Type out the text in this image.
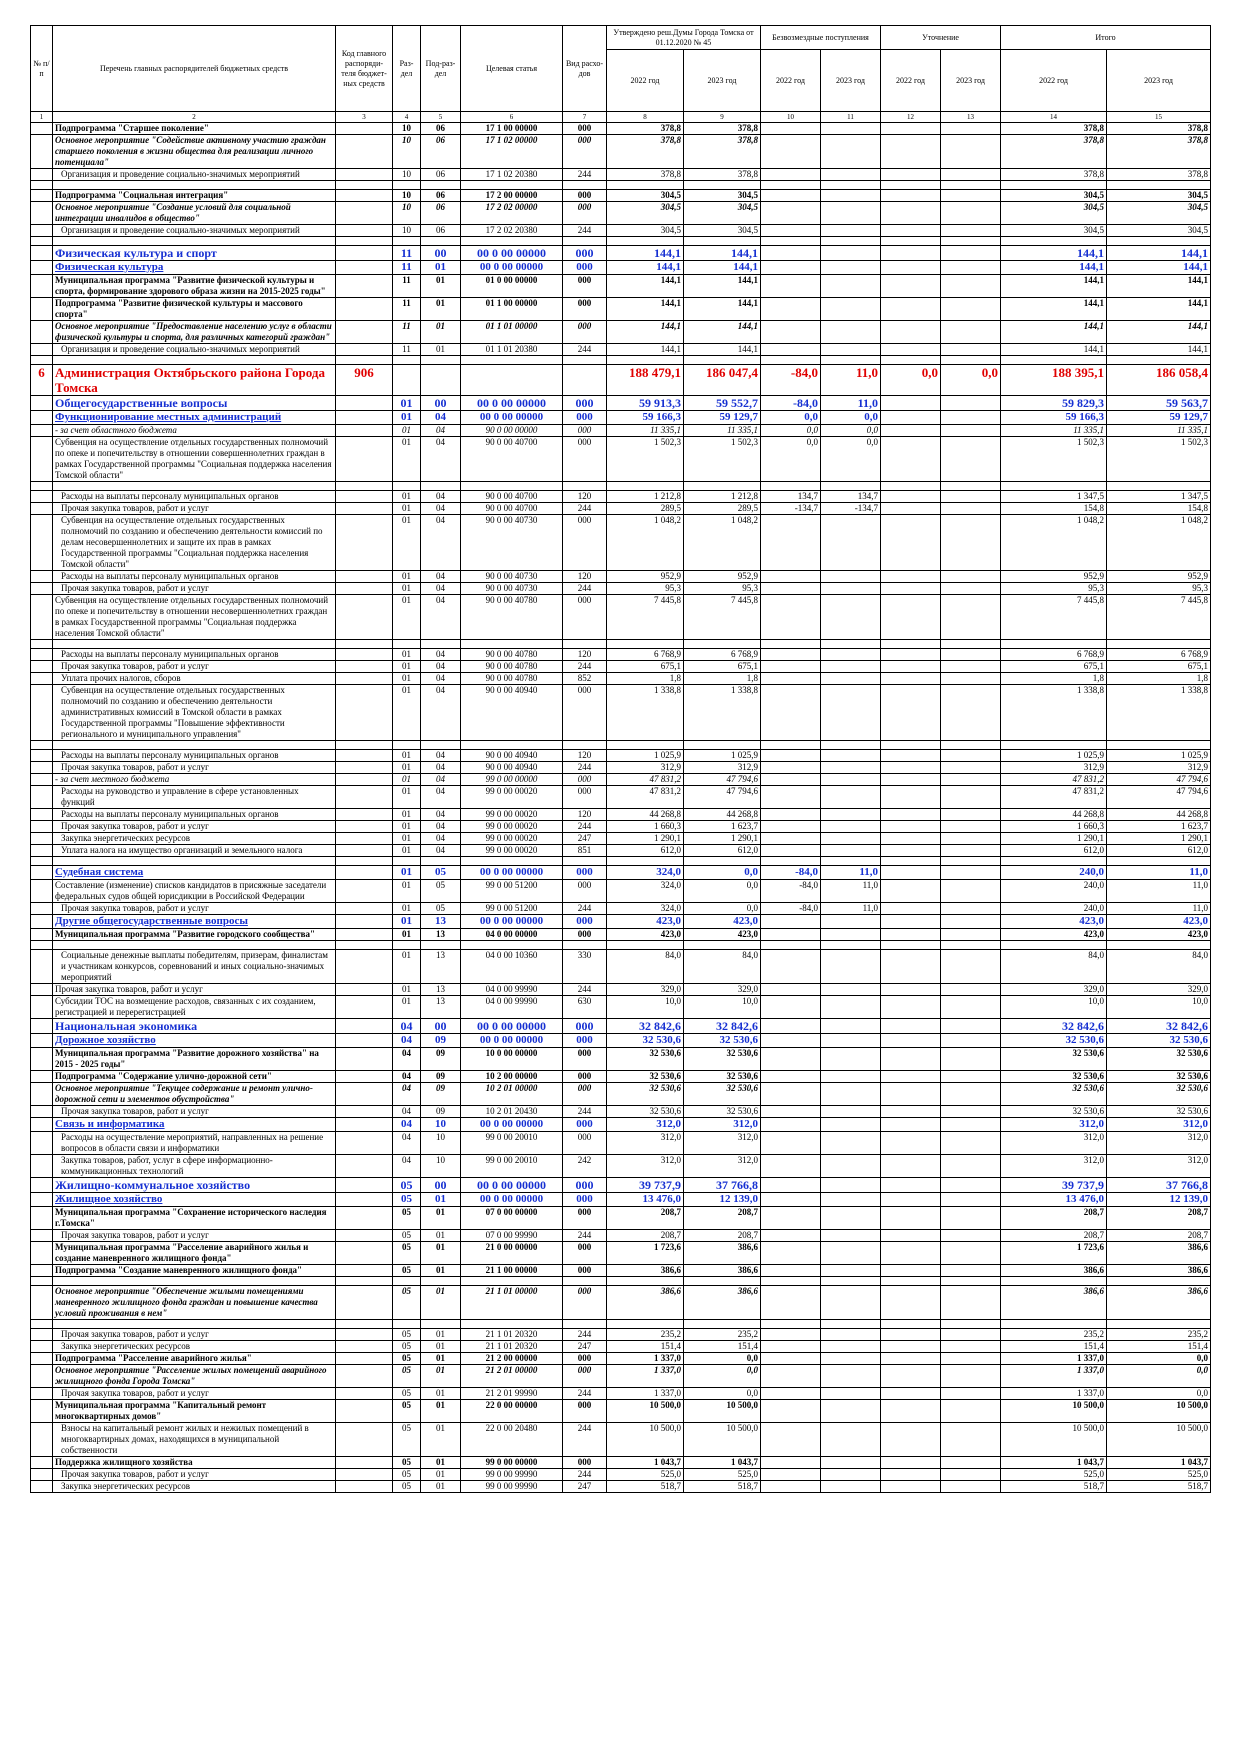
№ п/п	Перечень главных распорядителей бюджетных средств	Код главного распоряди-теля бюджет-ных средств	Раз-дел	Под-раз-дел	Целевая статья	Вид расхо-дов	Утверждено реш.Думы Города Томска от 01.12.2020 № 45		Безвозмездные поступления		Уточнение		Итого	
							2022 год	2023 год	2022 год	2023 год	2022 год	2023 год	2022 год	2023 год
1	2	3	4	5	6	7	8	9	10	11	12	13	14	15
	Подпрограмма "Старшее поколение"		10	06	17 1 00 00000	000	378,8	378,8					378,8	378,8
	Основное мероприятие "Содействие активному участию граждан старшего поколения в жизни общества для реализации личного потенциала"		10	06	17 1 02 00000	000	378,8	378,8					378,8	378,8
	Организация и проведение социально-значимых мероприятий		10	06	17 1 02 20380	244	378,8	378,8					378,8	378,8

	Подпрограмма "Социальная интеграция"		10	06	17 2 00 00000	000	304,5	304,5					304,5	304,5
	Основное мероприятие "Создание условий для социальной интеграции инвалидов в общество"		10	06	17 2 02 00000	000	304,5	304,5					304,5	304,5
	Организация и проведение социально-значимых мероприятий		10	06	17 2 02 20380	244	304,5	304,5					304,5	304,5

	Физическая культура и спорт		11	00	00 0 00 00000	000	144,1	144,1					144,1	144,1
	Физическая культура		11	01	00 0 00 00000	000	144,1	144,1					144,1	144,1
	Муниципальная программа "Развитие физической культуры и спорта, формирование здорового образа жизни на 2015-2025 годы"		11	01	01 0 00 00000	000	144,1	144,1					144,1	144,1
	Подпрограмма "Развитие физической культуры и массового спорта"		11	01	01 1 00 00000	000	144,1	144,1					144,1	144,1
	Основное мероприятие "Предоставление населению услуг в области физической культуры и спорта, для различных категорий граждан"		11	01	01 1 01 00000	000	144,1	144,1					144,1	144,1
	Организация и проведение социально-значимых мероприятий		11	01	01 1 01 20380	244	144,1	144,1					144,1	144,1

6	Администрация Октябрьского района Города Томска	906					188 479,1	186 047,4	-84,0	11,0	0,0	0,0	188 395,1	186 058,4
	Общегосударственные вопросы		01	00	00 0 00 00000	000	59 913,3	59 552,7	-84,0	11,0			59 829,3	59 563,7
	Функционирование местных администраций		01	04	00 0 00 00000	000	59 166,3	59 129,7	0,0	0,0			59 166,3	59 129,7
	- за счет областного бюджета		01	04	90 0 00 00000	000	11 335,1	11 335,1	0,0	0,0			11 335,1	11 335,1
	Субвенция на осуществление отдельных государственных полномочий по опеке и попечительству в отношении совершеннолетних граждан в рамках Государственной программы "Социальная поддержка населения Томской области"		01	04	90 0 00 40700	000	1 502,3	1 502,3	0,0	0,0			1 502,3	1 502,3

	Расходы на выплаты персоналу муниципальных органов		01	04	90 0 00 40700	120	1 212,8	1 212,8	134,7	134,7			1 347,5	1 347,5
	Прочая закупка товаров, работ и услуг		01	04	90 0 00 40700	244	289,5	289,5	-134,7	-134,7			154,8	154,8
	Субвенция на осуществление отдельных государственных полномочий по созданию и обеспечению деятельности комиссий по делам несовершеннолетних и защите их прав в рамках Государственной программы "Социальная поддержка населения Томской области"		01	04	90 0 00 40730	000	1 048,2	1 048,2					1 048,2	1 048,2
	Расходы на выплаты персоналу муниципальных органов		01	04	90 0 00 40730	120	952,9	952,9					952,9	952,9
	Прочая закупка товаров, работ и услуг		01	04	90 0 00 40730	244	95,3	95,3					95,3	95,3
	Субвенция на осуществление отдельных государственных полномочий по опеке и попечительству в отношении несовершеннолетних граждан в рамках Государственной программы "Социальная поддержка населения Томской области"		01	04	90 0 00 40780	000	7 445,8	7 445,8					7 445,8	7 445,8

	Расходы на выплаты персоналу муниципальных органов		01	04	90 0 00 40780	120	6 768,9	6 768,9					6 768,9	6 768,9
	Прочая закупка товаров, работ и услуг		01	04	90 0 00 40780	244	675,1	675,1					675,1	675,1
	Уплата прочих налогов, сборов		01	04	90 0 00 40780	852	1,8	1,8					1,8	1,8
	Субвенция на осуществление отдельных государственных полномочий по созданию и обеспечению деятельности административных комиссий в Томской области в рамках Государственной программы "Повышение эффективности регионального и муниципального управления"		01	04	90 0 00 40940	000	1 338,8	1 338,8					1 338,8	1 338,8

	Расходы на выплаты персоналу муниципальных органов		01	04	90 0 00 40940	120	1 025,9	1 025,9					1 025,9	1 025,9
	Прочая закупка товаров, работ и услуг		01	04	90 0 00 40940	244	312,9	312,9					312,9	312,9
	- за счет местного бюджета		01	04	99 0 00 00000	000	47 831,2	47 794,6					47 831,2	47 794,6
	Расходы на руководство и управление в сфере установленных функций		01	04	99 0 00 00020	000	47 831,2	47 794,6					47 831,2	47 794,6
	Расходы на выплаты персоналу муниципальных органов		01	04	99 0 00 00020	120	44 268,8	44 268,8					44 268,8	44 268,8
	Прочая закупка товаров, работ и услуг		01	04	99 0 00 00020	244	1 660,3	1 623,7					1 660,3	1 623,7
	Закупка энергетических ресурсов		01	04	99 0 00 00020	247	1 290,1	1 290,1					1 290,1	1 290,1
	Уплата налога на имущество организаций и земельного налога		01	04	99 0 00 00020	851	612,0	612,0					612,0	612,0

	Судебная система		01	05	00 0 00 00000	000	324,0	0,0	-84,0	11,0			240,0	11,0
	Составление (изменение) списков кандидатов в присяжные заседатели федеральных судов общей юрисдикции в Российской Федерации		01	05	99 0 00 51200	000	324,0	0,0	-84,0	11,0			240,0	11,0
	Прочая закупка товаров, работ и услуг		01	05	99 0 00 51200	244	324,0	0,0	-84,0	11,0			240,0	11,0
	Другие общегосударственные вопросы		01	13	00 0 00 00000	000	423,0	423,0					423,0	423,0
	Муниципальная программа "Развитие городского сообщества"		01	13	04 0 00 00000	000	423,0	423,0					423,0	423,0

	Социальные денежные выплаты победителям, призерам, финалистам и участникам конкурсов, соревнований и иных социально-значимых мероприятий		01	13	04 0 00 10360	330	84,0	84,0					84,0	84,0
	Прочая закупка товаров, работ и услуг		01	13	04 0 00 99990	244	329,0	329,0					329,0	329,0
	Субсидии ТОС на возмещение расходов, связанных с их созданием, регистрацией и перерегистрацией		01	13	04 0 00 99990	630	10,0	10,0					10,0	10,0
	Национальная экономика		04	00	00 0 00 00000	000	32 842,6	32 842,6					32 842,6	32 842,6
	Дорожное хозяйство		04	09	00 0 00 00000	000	32 530,6	32 530,6					32 530,6	32 530,6
	Муниципальная программа "Развитие дорожного хозяйства" на 2015 - 2025 годы"		04	09	10 0 00 00000	000	32 530,6	32 530,6					32 530,6	32 530,6
	Подпрограмма "Содержание улично-дорожной сети"		04	09	10 2 00 00000	000	32 530,6	32 530,6					32 530,6	32 530,6
	Основное мероприятие "Текущее содержание и ремонт улично-дорожной сети и элементов обустройства"		04	09	10 2 01 00000	000	32 530,6	32 530,6					32 530,6	32 530,6
	Прочая закупка товаров, работ и услуг		04	09	10 2 01 20430	244	32 530,6	32 530,6					32 530,6	32 530,6
	Связь и информатика		04	10	00 0 00 00000	000	312,0	312,0					312,0	312,0
	Расходы на осуществление мероприятий, направленных на решение вопросов в области связи и информатики		04	10	99 0 00 20010	000	312,0	312,0					312,0	312,0
	Закупка товаров, работ, услуг в сфере информационно-коммуникационных технологий		04	10	99 0 00 20010	242	312,0	312,0					312,0	312,0
	Жилищно-коммунальное хозяйство		05	00	00 0 00 00000	000	39 737,9	37 766,8					39 737,9	37 766,8
	Жилищное хозяйство		05	01	00 0 00 00000	000	13 476,0	12 139,0					13 476,0	12 139,0
	Муниципальная программа "Сохранение исторического наследия г.Томска"		05	01	07 0 00 00000	000	208,7	208,7					208,7	208,7
	Прочая закупка товаров, работ и услуг		05	01	07 0 00 99990	244	208,7	208,7					208,7	208,7
	Муниципальная программа "Расселение аварийного жилья и создание маневренного жилищного фонда"		05	01	21 0 00 00000	000	1 723,6	386,6					1 723,6	386,6
	Подпрограмма "Создание маневренного жилищного фонда"		05	01	21 1 00 00000	000	386,6	386,6					386,6	386,6

	Основное мероприятие "Обеспечение жилыми помещениями маневренного жилищного фонда граждан и повышение качества условий проживания в нем"		05	01	21 1 01 00000	000	386,6	386,6					386,6	386,6

	Прочая закупка товаров, работ и услуг		05	01	21 1 01 20320	244	235,2	235,2					235,2	235,2
	Закупка энергетических ресурсов		05	01	21 1 01 20320	247	151,4	151,4					151,4	151,4
	Подпрограмма "Расселение аварийного жилья"		05	01	21 2 00 00000	000	1 337,0	0,0					1 337,0	0,0
	Основное мероприятие "Расселение жилых помещений аварийного жилищного фонда Города Томска"		05	01	21 2 01 00000	000	1 337,0	0,0					1 337,0	0,0
	Прочая закупка товаров, работ и услуг		05	01	21 2 01 99990	244	1 337,0	0,0					1 337,0	0,0
	Муниципальная программа "Капитальный ремонт многоквартирных домов"		05	01	22 0 00 00000	000	10 500,0	10 500,0					10 500,0	10 500,0
	Взносы на капитальный ремонт жилых и нежилых помещений в многоквартирных домах, находящихся в муниципальной собственности		05	01	22 0 00 20480	244	10 500,0	10 500,0					10 500,0	10 500,0
	Поддержка жилищного хозяйства		05	01	99 0 00 00000	000	1 043,7	1 043,7					1 043,7	1 043,7
	Прочая закупка товаров, работ и услуг		05	01	99 0 00 99990	244	525,0	525,0					525,0	525,0
	Закупка энергетических ресурсов		05	01	99 0 00 99990	247	518,7	518,7					518,7	518,7
